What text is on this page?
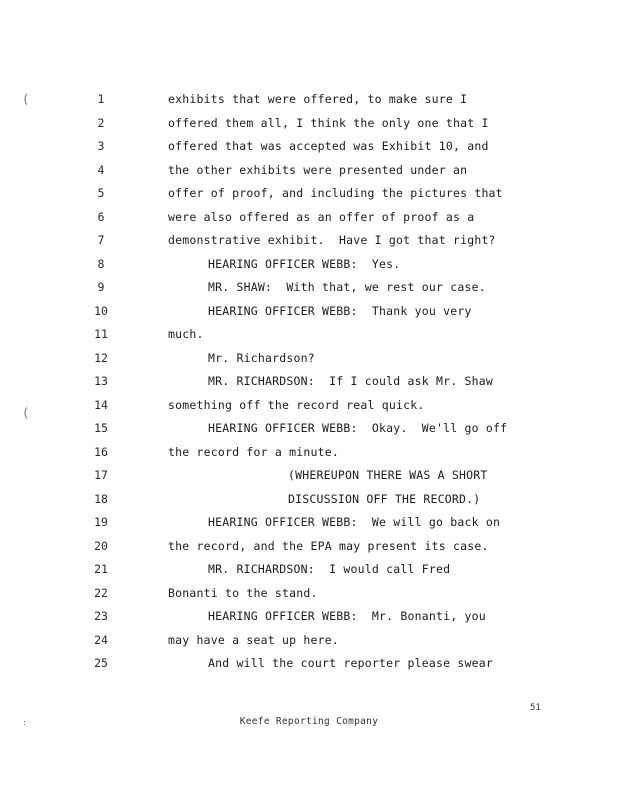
(
(
:
1	exhibits that were offered, to make sure I
2	offered them all, I think the only one that I
3	offered that was accepted was Exhibit 10, and
4	the other exhibits were presented under an
5	offer of proof, and including the pictures that
6	were also offered as an offer of proof as a
7	demonstrative exhibit.  Have I got that right?
8	HEARING OFFICER WEBB:  Yes.
9	MR. SHAW:  With that, we rest our case.
10	HEARING OFFICER WEBB:  Thank you very
11	much.
12	Mr. Richardson?
13	MR. RICHARDSON:  If I could ask Mr. Shaw
14	something off the record real quick.
15	HEARING OFFICER WEBB:  Okay.  We'll go off
16	the record for a minute.
17	(WHEREUPON THERE WAS A SHORT
18	DISCUSSION OFF THE RECORD.)
19	HEARING OFFICER WEBB:  We will go back on
20	the record, and the EPA may present its case.
21	MR. RICHARDSON:  I would call Fred
22	Bonanti to the stand.
23	HEARING OFFICER WEBB:  Mr. Bonanti, you
24	may have a seat up here.
25	And will the court reporter please swear
51
Keefe Reporting Company
